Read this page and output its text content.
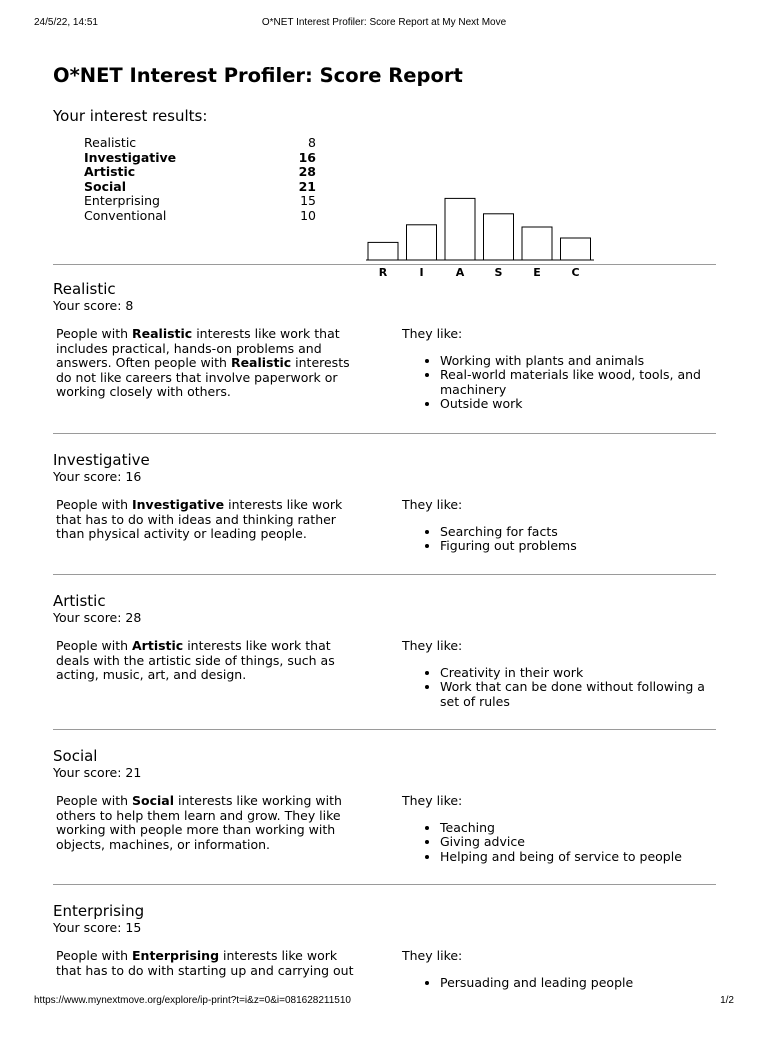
24/5/22, 14:51	O*NET Interest Profiler: Score Report at My Next Move
O*NET Interest Profiler: Score Report
Your interest results:
Realistic	8
Investigative	16
Artistic	28
Social	21
Enterprising	15
Conventional	10
R	I	A	S	E	C
Realistic
Your score: 8
People with Realistic interests like work that includes practical, hands-on problems and answers. Often people with Realistic interests do not like careers that involve paperwork or working closely with others.
They like:
• Working with plants and animals
• Real-world materials like wood, tools, and machinery
• Outside work
Investigative
Your score: 16
People with Investigative interests like work that has to do with ideas and thinking rather than physical activity or leading people.
They like:
• Searching for facts
• Figuring out problems
Artistic
Your score: 28
People with Artistic interests like work that deals with the artistic side of things, such as acting, music, art, and design.
They like:
• Creativity in their work
• Work that can be done without following a set of rules
Social
Your score: 21
People with Social interests like working with others to help them learn and grow. They like working with people more than working with objects, machines, or information.
They like:
• Teaching
• Giving advice
• Helping and being of service to people
Enterprising
Your score: 15
People with Enterprising interests like work that has to do with starting up and carrying out
They like:
• Persuading and leading people
https://www.mynextmove.org/explore/ip-print?t=i&z=0&i=081628211510	1/2
